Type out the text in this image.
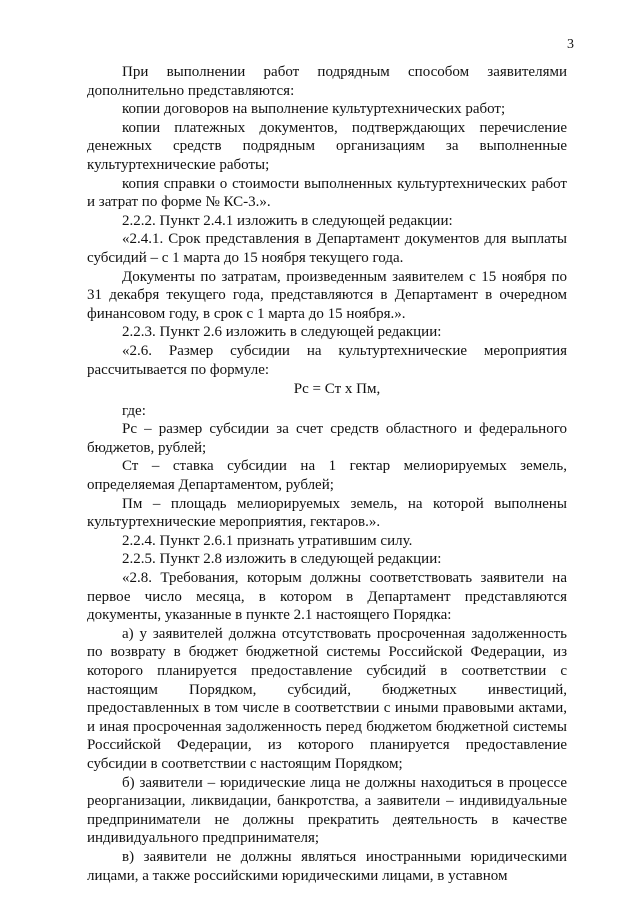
3

При выполнении работ подрядным способом заявителями дополнительно представляются:

копии договоров на выполнение культуртехнических работ;

копии платежных документов, подтверждающих перечисление денежных средств подрядным организациям за выполненные культуртехнические работы;

копия справки о стоимости выполненных культуртехнических работ и затрат по форме № КС-3.».

2.2.2. Пункт 2.4.1 изложить в следующей редакции:

«2.4.1. Срок представления в Департамент документов для выплаты субсидий – с 1 марта до 15 ноября текущего года.

Документы по затратам, произведенным заявителем с 15 ноября по 31 декабря текущего года, представляются в Департамент в очередном финансовом году, в срок с 1 марта до 15 ноября.».

2.2.3. Пункт 2.6 изложить в следующей редакции:

«2.6. Размер субсидии на культуртехнические мероприятия рассчитывается по формуле:

Рс = Ст х Пм,

где:

Рс – размер субсидии за счет средств областного и федерального бюджетов, рублей;

Ст – ставка субсидии на 1 гектар мелиорируемых земель, определяемая Департаментом, рублей;

Пм – площадь мелиорируемых земель, на которой выполнены культуртехнические мероприятия, гектаров.».

2.2.4. Пункт 2.6.1 признать утратившим силу.

2.2.5. Пункт 2.8 изложить в следующей редакции:

«2.8. Требования, которым должны соответствовать заявители на первое число месяца, в котором в Департамент представляются документы, указанные в пункте 2.1 настоящего Порядка:

а) у заявителей должна отсутствовать просроченная задолженность по возврату в бюджет бюджетной системы Российской Федерации, из которого планируется предоставление субсидий в соответствии с настоящим Порядком, субсидий, бюджетных инвестиций, предоставленных в том числе в соответствии с иными правовыми актами, и иная просроченная задолженность перед бюджетом бюджетной системы Российской Федерации, из которого планируется предоставление субсидии в соответствии с настоящим Порядком;

б) заявители – юридические лица не должны находиться в процессе реорганизации, ликвидации, банкротства, а заявители – индивидуальные предприниматели не должны прекратить деятельность в качестве индивидуального предпринимателя;

в) заявители не должны являться иностранными юридическими лицами, а также российскими юридическими лицами, в уставном
